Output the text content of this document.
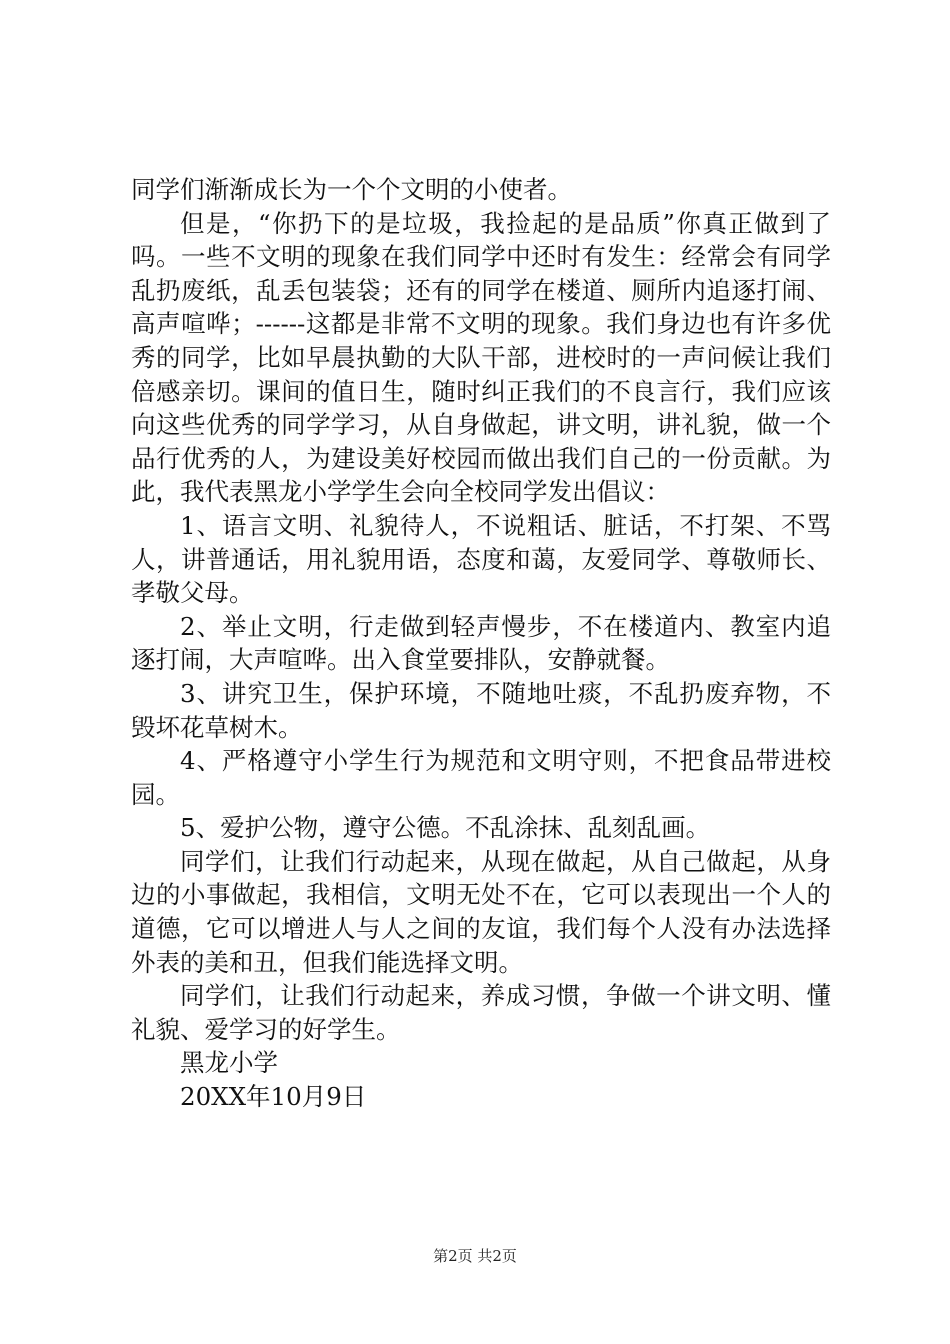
同学们渐渐成长为一个个文明的小使者。

但是，“你扔下的是垃圾，我捡起的是品质”你真正做到了吗。一些不文明的现象在我们同学中还时有发生：经常会有同学乱扔废纸，乱丢包装袋；还有的同学在楼道、厕所内追逐打闹、高声喧哗；------这都是非常不文明的现象。我们身边也有许多优秀的同学，比如早晨执勤的大队干部，进校时的一声问候让我们倍感亲切。课间的值日生，随时纠正我们的不良言行，我们应该向这些优秀的同学学习，从自身做起，讲文明，讲礼貌，做一个品行优秀的人，为建设美好校园而做出我们自己的一份贡献。为此，我代表黑龙小学学生会向全校同学发出倡议：

1、语言文明、礼貌待人，不说粗话、脏话，不打架、不骂人，讲普通话，用礼貌用语，态度和蔼，友爱同学、尊敬师长、孝敬父母。

2、举止文明，行走做到轻声慢步，不在楼道内、教室内追逐打闹，大声喧哗。出入食堂要排队，安静就餐。

3、讲究卫生，保护环境，不随地吐痰，不乱扔废弃物，不毁坏花草树木。

4、严格遵守小学生行为规范和文明守则，不把食品带进校园。

5、爱护公物，遵守公德。不乱涂抹、乱刻乱画。

同学们，让我们行动起来，从现在做起，从自己做起，从身边的小事做起，我相信，文明无处不在，它可以表现出一个人的道德，它可以增进人与人之间的友谊，我们每个人没有办法选择外表的美和丑，但我们能选择文明。

同学们，让我们行动起来，养成习惯，争做一个讲文明、懂礼貌、爱学习的好学生。

黑龙小学

20XX年10月9日

第2页 共2页
